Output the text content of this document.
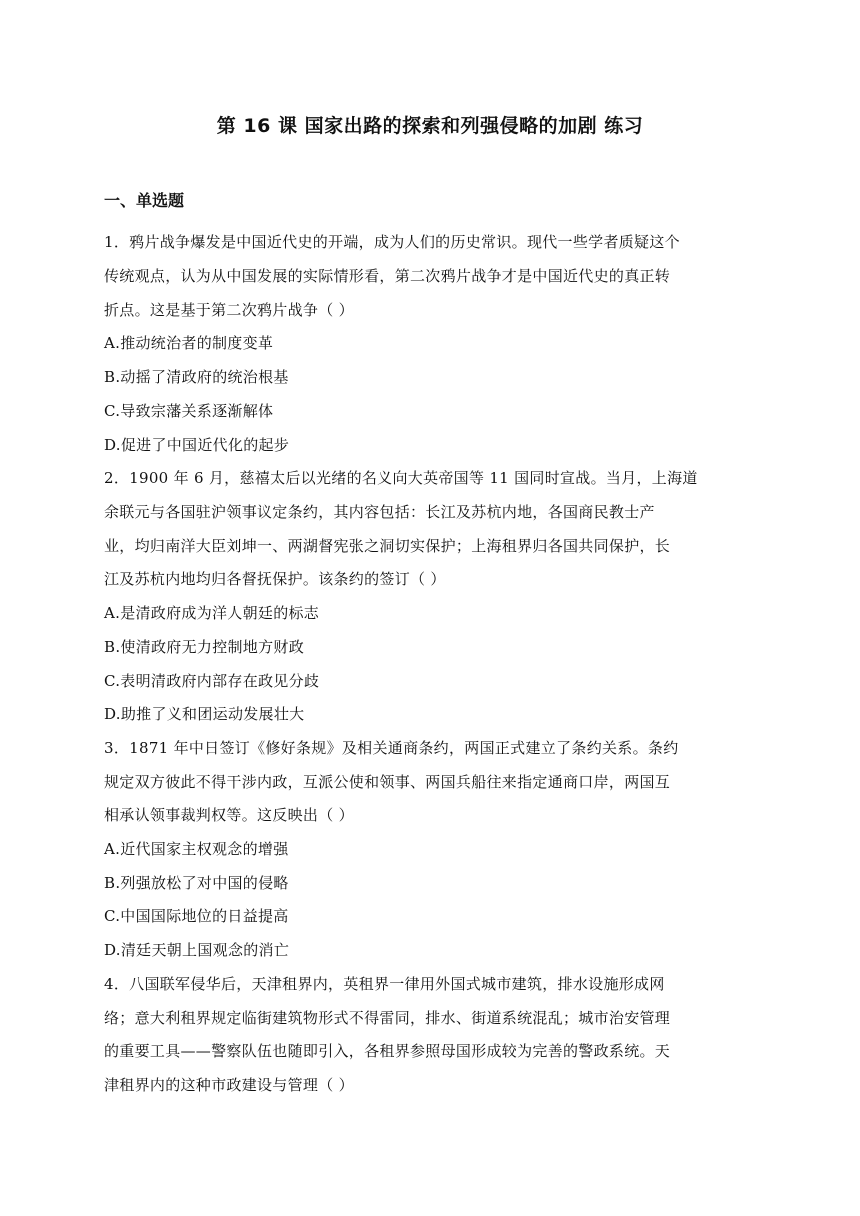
第 16 课 国家出路的探索和列强侵略的加剧 练习
一、单选题
1．鸦片战争爆发是中国近代史的开端，成为人们的历史常识。现代一些学者质疑这个
传统观点，认为从中国发展的实际情形看，第二次鸦片战争才是中国近代史的真正转
折点。这是基于第二次鸦片战争（ ）
A.推动统治者的制度变革
B.动摇了清政府的统治根基
C.导致宗藩关系逐渐解体
D.促进了中国近代化的起步
2．1900 年 6 月，慈禧太后以光绪的名义向大英帝国等 11 国同时宣战。当月，上海道
余联元与各国驻沪领事议定条约，其内容包括：长江及苏杭内地，各国商民教士产
业，均归南洋大臣刘坤一、两湖督宪张之洞切实保护；上海租界归各国共同保护，长
江及苏杭内地均归各督抚保护。该条约的签订（ ）
A.是清政府成为洋人朝廷的标志
B.使清政府无力控制地方财政
C.表明清政府内部存在政见分歧
D.助推了义和团运动发展壮大
3．1871 年中日签订《修好条规》及相关通商条约，两国正式建立了条约关系。条约
规定双方彼此不得干涉内政，互派公使和领事、两国兵船往来指定通商口岸，两国互
相承认领事裁判权等。这反映出（ ）
A.近代国家主权观念的增强
B.列强放松了对中国的侵略
C.中国国际地位的日益提高
D.清廷天朝上国观念的消亡
4．八国联军侵华后，天津租界内，英租界一律用外国式城市建筑，排水设施形成网
络；意大利租界规定临街建筑物形式不得雷同，排水、街道系统混乱；城市治安管理
的重要工具——警察队伍也随即引入，各租界参照母国形成较为完善的警政系统。天
津租界内的这种市政建设与管理（ ）
